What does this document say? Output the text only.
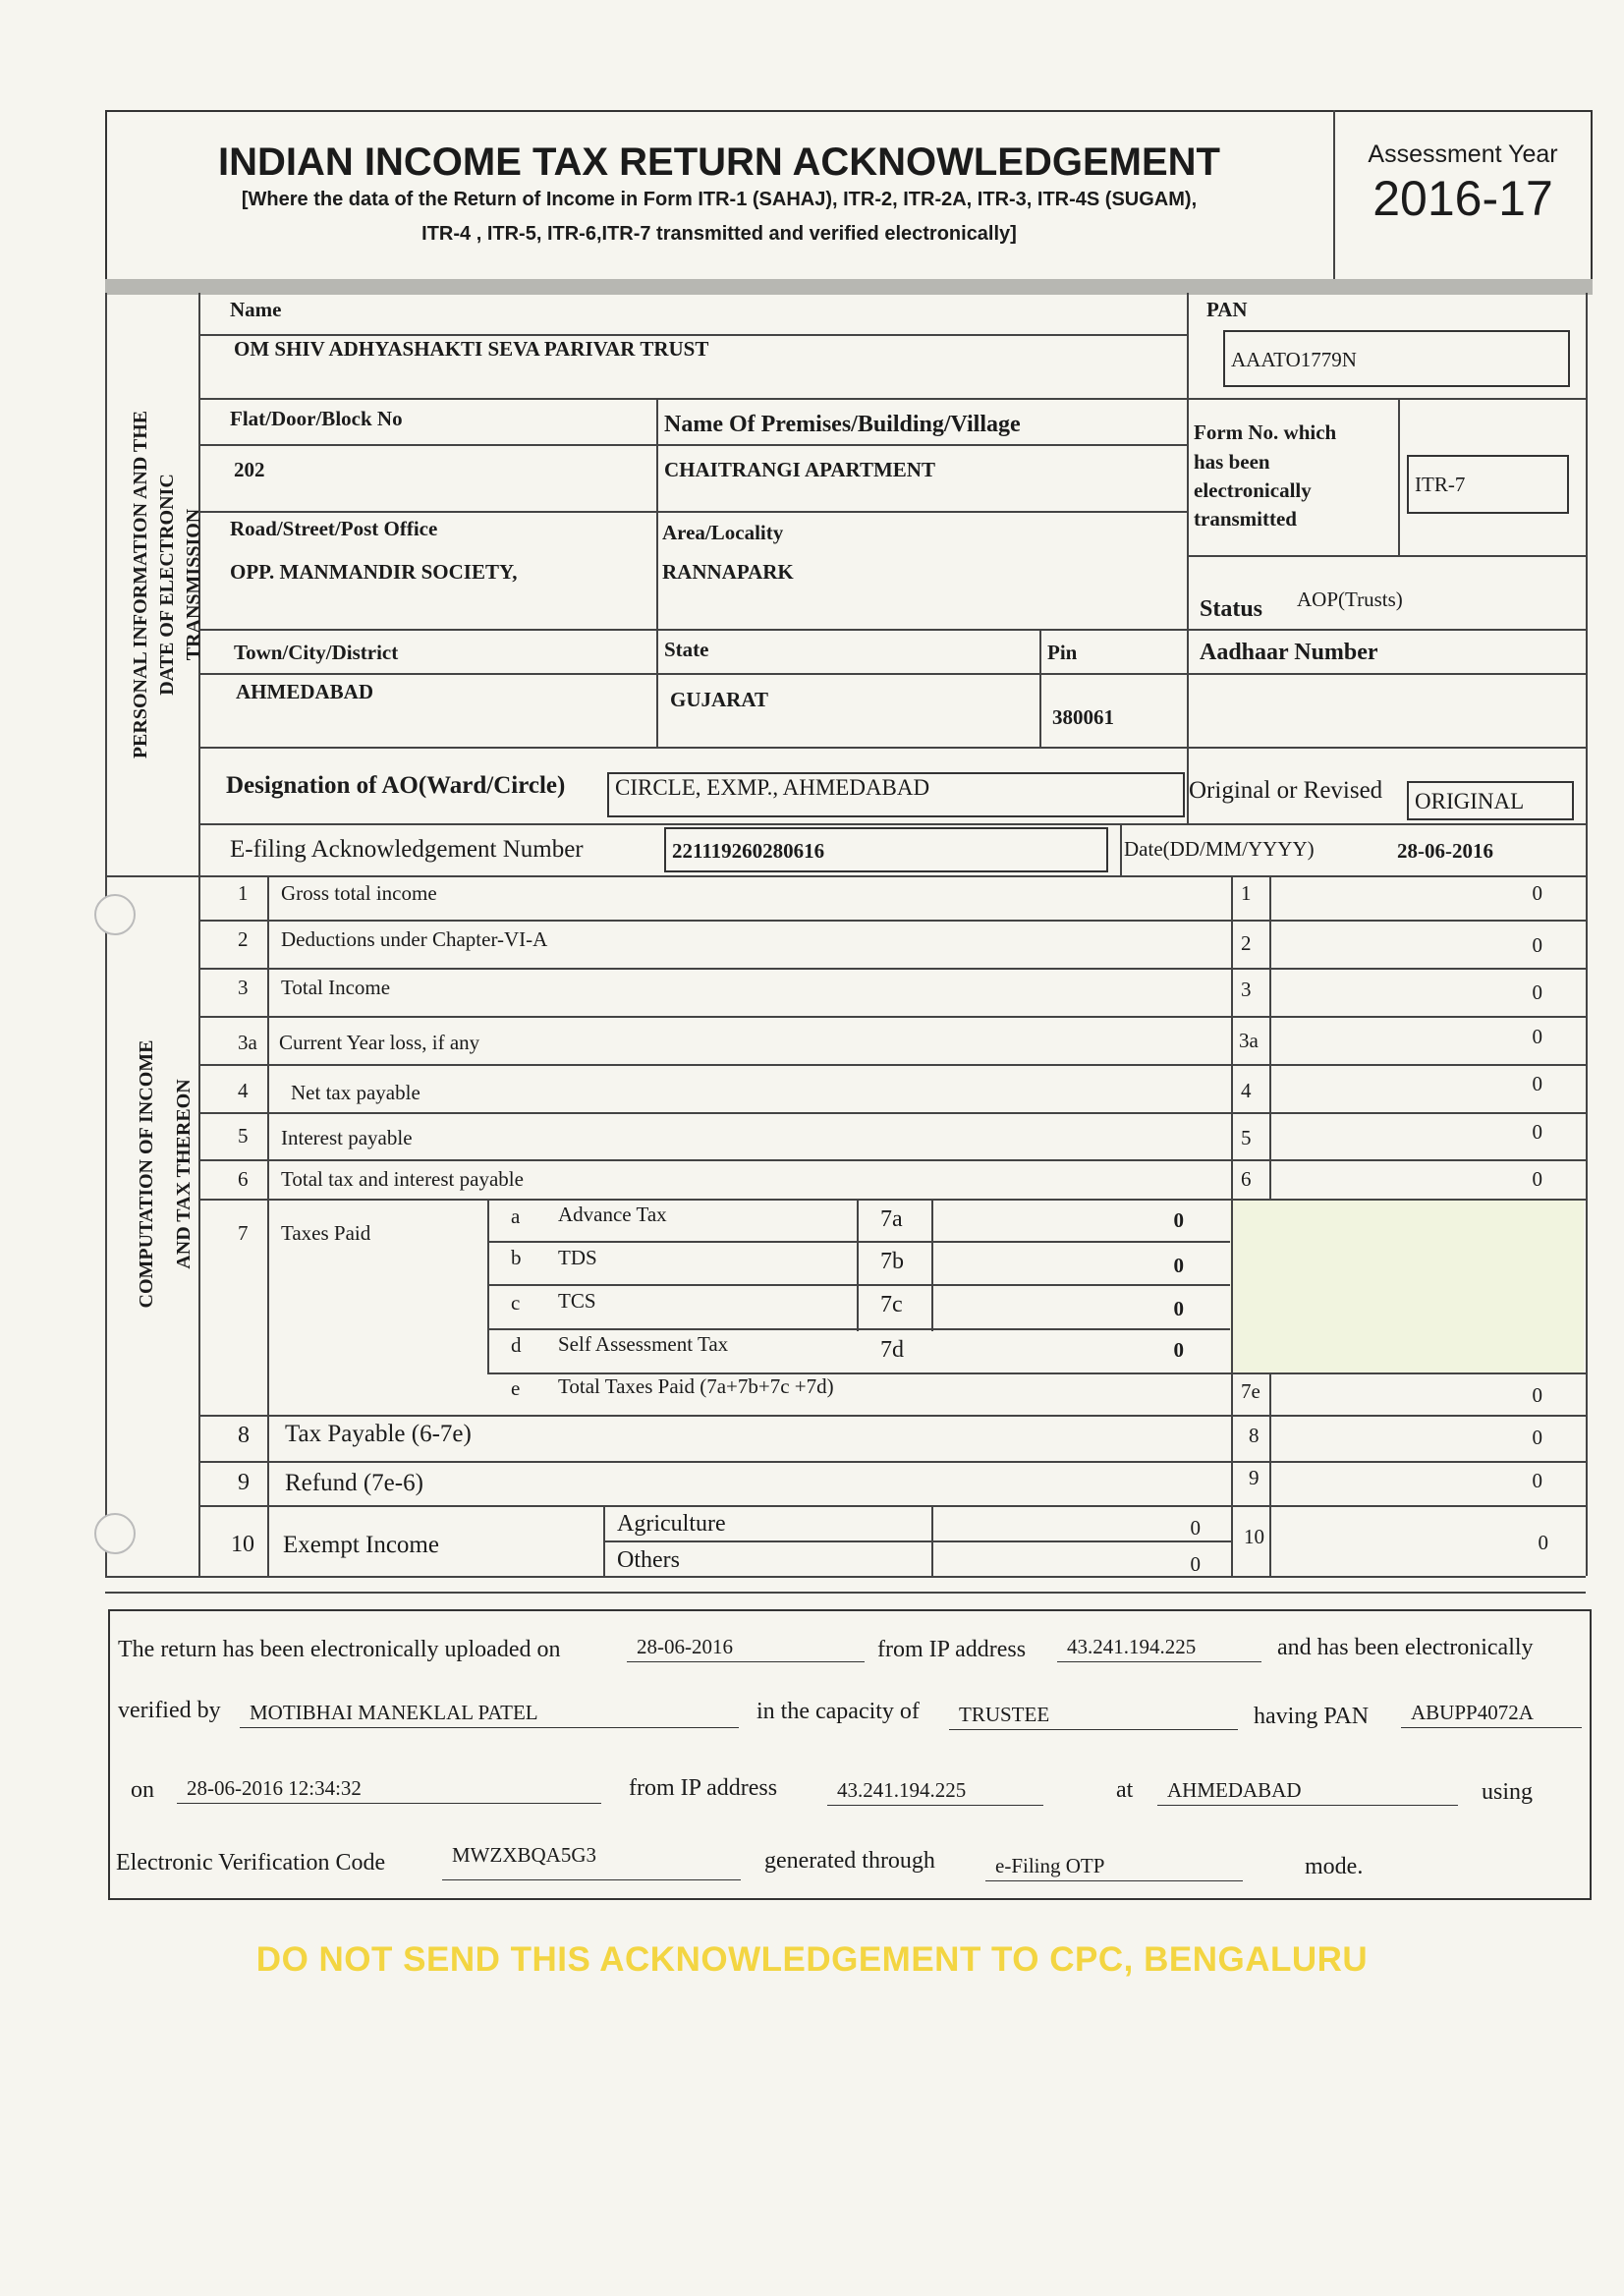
INDIAN INCOME TAX RETURN ACKNOWLEDGEMENT
[Where the data of the Return of Income in Form ITR-1 (SAHAJ), ITR-2, ITR-2A, ITR-3, ITR-4S (SUGAM),
ITR-4 , ITR-5, ITR-6,ITR-7 transmitted and verified electronically]
Assessment Year
2016-17
PERSONAL INFORMATION AND THE DATE OF ELECTRONIC TRANSMISSION
COMPUTATION OF INCOME AND TAX THEREON
Name
OM SHIV ADHYASHAKTI SEVA PARIVAR TRUST
PAN
AAATO1779N
Flat/Door/Block No
202
Name Of Premises/Building/Village
CHAITRANGI APARTMENT
Form No. which
has been
electronically
transmitted
ITR-7
Road/Street/Post Office
OPP. MANMANDIR SOCIETY,
Area/Locality
RANNAPARK
Status AOP(Trusts)
Town/City/District
AHMEDABAD
State
GUJARAT
Pin
380061
Aadhaar Number
Designation of AO(Ward/Circle) CIRCLE, EXMP., AHMEDABAD	Original or Revised ORIGINAL
E-filing Acknowledgement Number	221119260280616	Date(DD/MM/YYYY)	28-06-2016
1 Gross total income	1	0
2 Deductions under Chapter-VI-A	2	0
3 Total Income	3	0
3a Current Year loss, if any	3a	0
4 Net tax payable	4	0
5 Interest payable	5	0
6 Total tax and interest payable	6	0
7 Taxes Paid
a Advance Tax	7a	0
b TDS	7b	0
c TCS	7c	0
d Self Assessment Tax	7d	0
e Total Taxes Paid (7a+7b+7c +7d)	7e	0
8 Tax Payable (6-7e)	8	0
9 Refund (7e-6)	9	0
10 Exempt Income
Agriculture	0
Others	0
10	0
The return has been electronically uploaded on	28-06-2016	from IP address	43.241.194.225	and has been electronically
verified by	MOTIBHAI MANEKLAL PATEL	in the capacity of	TRUSTEE	having PAN	ABUPP4072A
on	28-06-2016 12:34:32	from IP address	43.241.194.225	at	AHMEDABAD	using
Electronic Verification Code	MWZXBQA5G3	generated through	e-Filing OTP	mode.
DO NOT SEND THIS ACKNOWLEDGEMENT TO CPC, BENGALURU
